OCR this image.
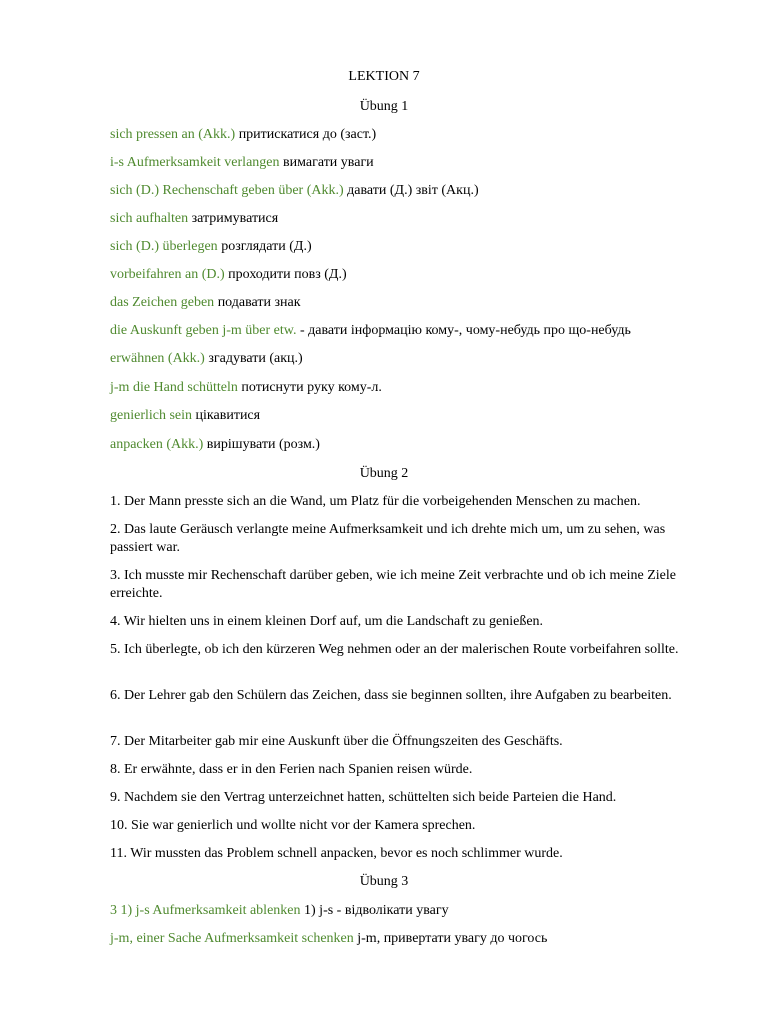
LEKTION 7
Übung 1
sich pressen an (Akk.) притискатися до (заст.)
i-s Aufmerksamkeit verlangen вимагати уваги
sich (D.) Rechenschaft geben über (Akk.) давати (Д.) звіт (Акц.)
sich aufhalten затримуватися
sich (D.) überlegen розглядати (Д.)
vorbeifahren an (D.) проходити повз (Д.)
das Zeichen geben подавати знак
die Auskunft geben j-m über etw. - давати інформацію кому-, чому-небудь про що-небудь
erwähnen (Akk.) згадувати (акц.)
j-m die Hand schütteln потиснути руку кому-л.
genierlich sein цікавитися
anpacken (Akk.) вирішувати (розм.)
Übung 2
1. Der Mann presste sich an die Wand, um Platz für die vorbeigehenden Menschen zu machen.
2. Das laute Geräusch verlangte meine Aufmerksamkeit und ich drehte mich um, um zu sehen, was passiert war.
3. Ich musste mir Rechenschaft darüber geben, wie ich meine Zeit verbrachte und ob ich meine Ziele erreichte.
4. Wir hielten uns in einem kleinen Dorf auf, um die Landschaft zu genießen.
5. Ich überlegte, ob ich den kürzeren Weg nehmen oder an der malerischen Route vorbeifahren sollte.
6. Der Lehrer gab den Schülern das Zeichen, dass sie beginnen sollten, ihre Aufgaben zu bearbeiten.
7. Der Mitarbeiter gab mir eine Auskunft über die Öffnungszeiten des Geschäfts.
8. Er erwähnte, dass er in den Ferien nach Spanien reisen würde.
9. Nachdem sie den Vertrag unterzeichnet hatten, schüttelten sich beide Parteien die Hand.
10. Sie war genierlich und wollte nicht vor der Kamera sprechen.
11. Wir mussten das Problem schnell anpacken, bevor es noch schlimmer wurde.
Übung 3
3 1) j-s Aufmerksamkeit ablenken 1) j-s - відволікати увагу
j-m, einer Sache Aufmerksamkeit schenken j-m, привертати увагу до чогось
